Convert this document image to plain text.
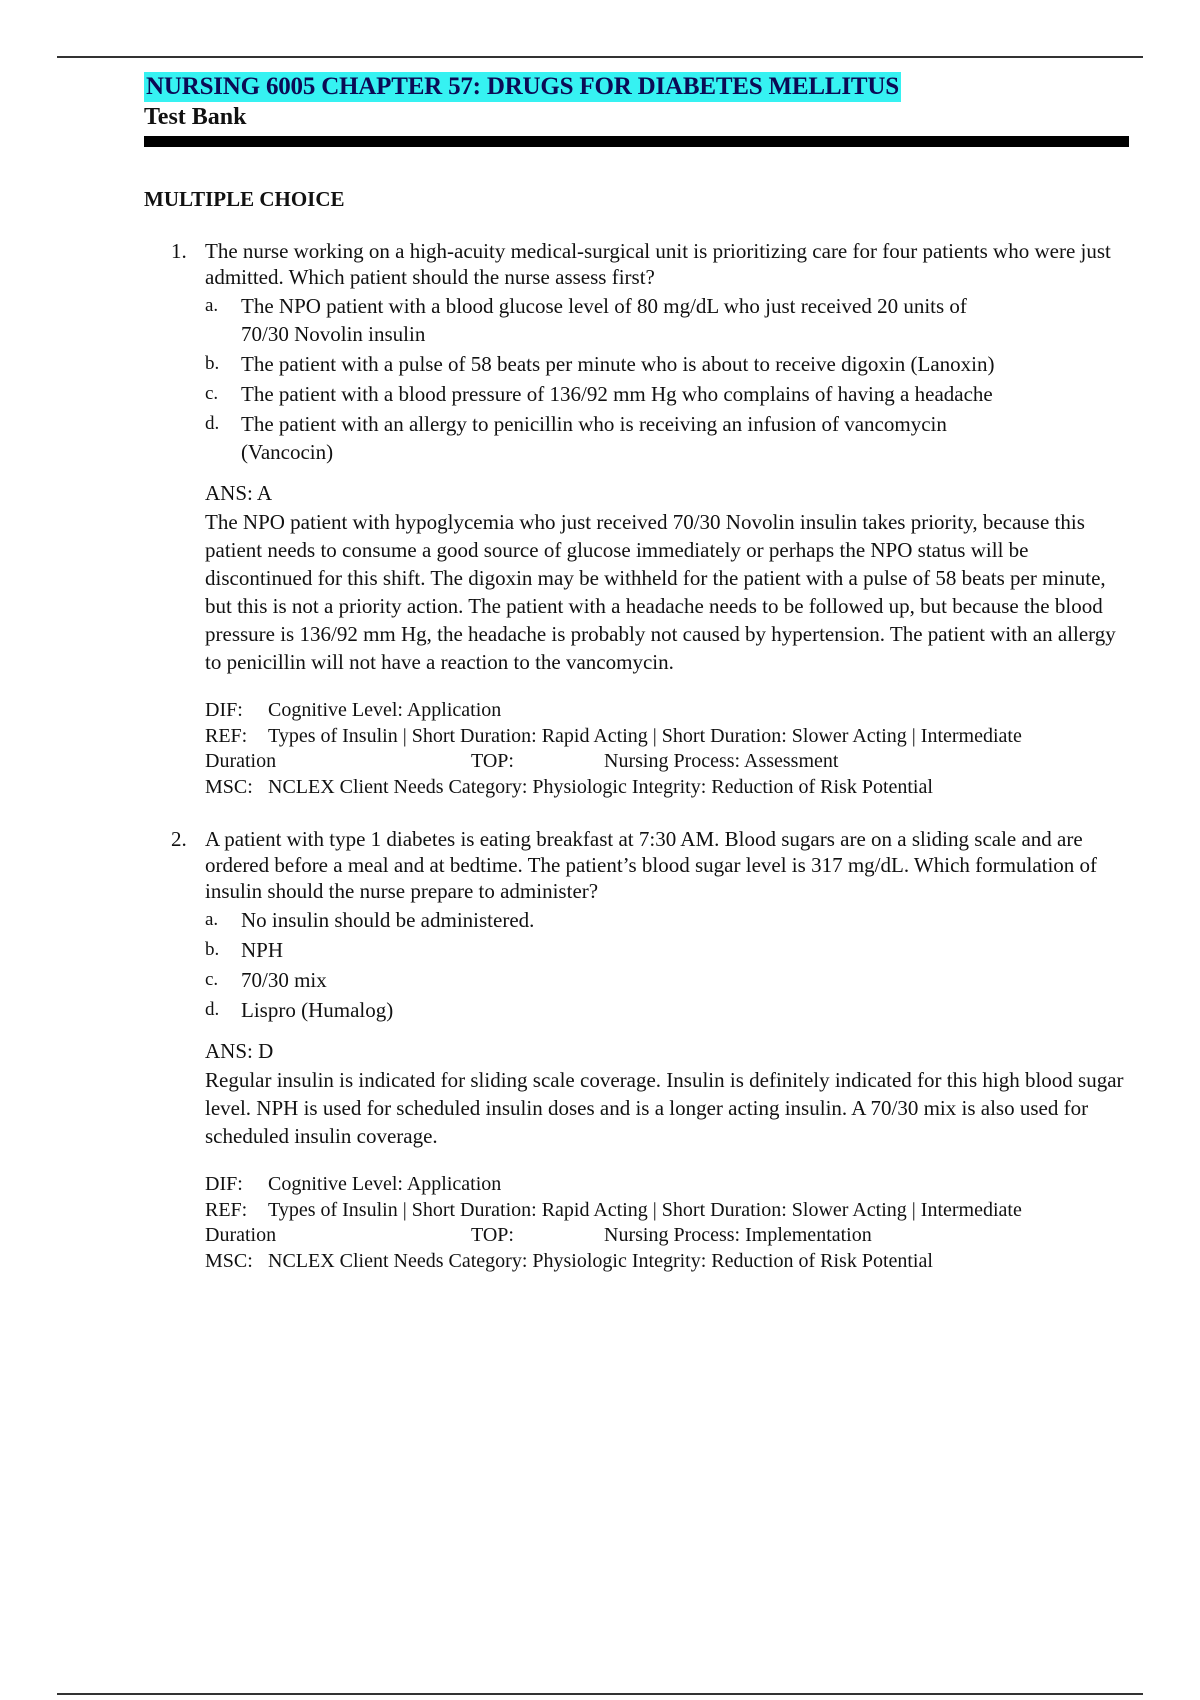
NURSING 6005 CHAPTER 57: DRUGS FOR DIABETES MELLITUS
Test Bank
MULTIPLE CHOICE
1. The nurse working on a high-acuity medical-surgical unit is prioritizing care for four patients who were just admitted. Which patient should the nurse assess first?

a. The NPO patient with a blood glucose level of 80 mg/dL who just received 20 units of 70/30 Novolin insulin
b. The patient with a pulse of 58 beats per minute who is about to receive digoxin (Lanoxin)
c. The patient with a blood pressure of 136/92 mm Hg who complains of having a headache
d. The patient with an allergy to penicillin who is receiving an infusion of vancomycin (Vancocin)

ANS: A

The NPO patient with hypoglycemia who just received 70/30 Novolin insulin takes priority, because this patient needs to consume a good source of glucose immediately or perhaps the NPO status will be discontinued for this shift. The digoxin may be withheld for the patient with a pulse of 58 beats per minute, but this is not a priority action. The patient with a headache needs to be followed up, but because the blood pressure is 136/92 mm Hg, the headache is probably not caused by hypertension. The patient with an allergy to penicillin will not have a reaction to the vancomycin.

DIF: Cognitive Level: Application
REF: Types of Insulin | Short Duration: Rapid Acting | Short Duration: Slower Acting | Intermediate
Duration	TOP:	Nursing Process: Assessment
MSC: NCLEX Client Needs Category: Physiologic Integrity: Reduction of Risk Potential
2. A patient with type 1 diabetes is eating breakfast at 7:30 AM. Blood sugars are on a sliding scale and are ordered before a meal and at bedtime. The patient’s blood sugar level is 317 mg/dL. Which formulation of insulin should the nurse prepare to administer?

a. No insulin should be administered.
b. NPH
c. 70/30 mix
d. Lispro (Humalog)

ANS: D

Regular insulin is indicated for sliding scale coverage. Insulin is definitely indicated for this high blood sugar level. NPH is used for scheduled insulin doses and is a longer acting insulin. A 70/30 mix is also used for scheduled insulin coverage.

DIF: Cognitive Level: Application
REF: Types of Insulin | Short Duration: Rapid Acting | Short Duration: Slower Acting | Intermediate
Duration	TOP:	Nursing Process: Implementation
MSC: NCLEX Client Needs Category: Physiologic Integrity: Reduction of Risk Potential
